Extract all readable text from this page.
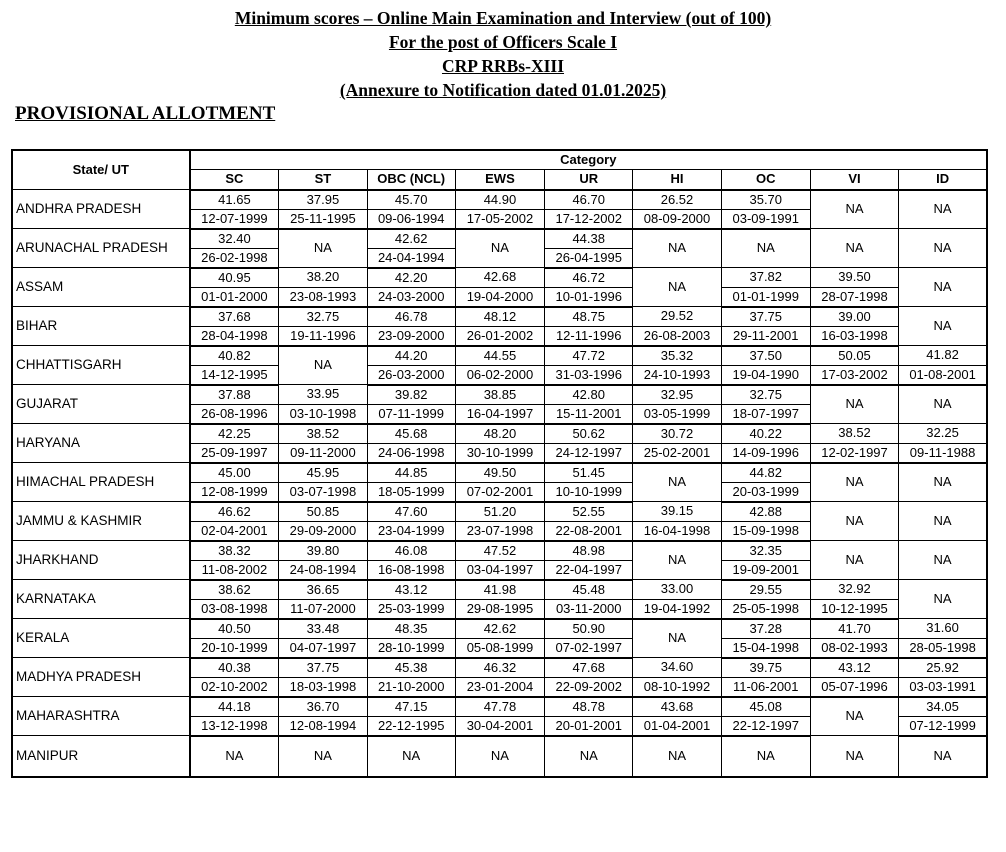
Minimum scores – Online Main Examination and Interview (out of 100)
For the post of Officers Scale I
CRP RRBs-XIII
(Annexure to Notification dated 01.01.2025)
PROVISIONAL ALLOTMENT
State/ UT	Category								
	SC	ST	OBC (NCL)	EWS	UR	HI	OC	VI	ID
ANDHRA PRADESH	41.65	37.95	45.70	44.90	46.70	26.52	35.70	NA	NA
	12-07-1999	25-11-1995	09-06-1994	17-05-2002	17-12-2002	08-09-2000	03-09-1991		
ARUNACHAL PRADESH	32.40	NA	42.62	NA	44.38	NA	NA	NA	NA
	26-02-1998		24-04-1994		26-04-1995				
ASSAM	40.95	38.20	42.20	42.68	46.72	NA	37.82	39.50	NA
	01-01-2000	23-08-1993	24-03-2000	19-04-2000	10-01-1996		01-01-1999	28-07-1998	
BIHAR	37.68	32.75	46.78	48.12	48.75	29.52	37.75	39.00	NA
	28-04-1998	19-11-1996	23-09-2000	26-01-2002	12-11-1996	26-08-2003	29-11-2001	16-03-1998	
CHHATTISGARH	40.82	NA	44.20	44.55	47.72	35.32	37.50	50.05	41.82
	14-12-1995		26-03-2000	06-02-2000	31-03-1996	24-10-1993	19-04-1990	17-03-2002	01-08-2001
GUJARAT	37.88	33.95	39.82	38.85	42.80	32.95	32.75	NA	NA
	26-08-1996	03-10-1998	07-11-1999	16-04-1997	15-11-2001	03-05-1999	18-07-1997		
HARYANA	42.25	38.52	45.68	48.20	50.62	30.72	40.22	38.52	32.25
	25-09-1997	09-11-2000	24-06-1998	30-10-1999	24-12-1997	25-02-2001	14-09-1996	12-02-1997	09-11-1988
HIMACHAL PRADESH	45.00	45.95	44.85	49.50	51.45	NA	44.82	NA	NA
	12-08-1999	03-07-1998	18-05-1999	07-02-2001	10-10-1999		20-03-1999		
JAMMU & KASHMIR	46.62	50.85	47.60	51.20	52.55	39.15	42.88	NA	NA
	02-04-2001	29-09-2000	23-04-1999	23-07-1998	22-08-2001	16-04-1998	15-09-1998		
JHARKHAND	38.32	39.80	46.08	47.52	48.98	NA	32.35	NA	NA
	11-08-2002	24-08-1994	16-08-1998	03-04-1997	22-04-1997		19-09-2001		
KARNATAKA	38.62	36.65	43.12	41.98	45.48	33.00	29.55	32.92	NA
	03-08-1998	11-07-2000	25-03-1999	29-08-1995	03-11-2000	19-04-1992	25-05-1998	10-12-1995	
KERALA	40.50	33.48	48.35	42.62	50.90	NA	37.28	41.70	31.60
	20-10-1999	04-07-1997	28-10-1999	05-08-1999	07-02-1997		15-04-1998	08-02-1993	28-05-1998
MADHYA PRADESH	40.38	37.75	45.38	46.32	47.68	34.60	39.75	43.12	25.92
	02-10-2002	18-03-1998	21-10-2000	23-01-2004	22-09-2002	08-10-1992	11-06-2001	05-07-1996	03-03-1991
MAHARASHTRA	44.18	36.70	47.15	47.78	48.78	43.68	45.08	NA	34.05
	13-12-1998	12-08-1994	22-12-1995	30-04-2001	20-01-2001	01-04-2001	22-12-1997		07-12-1999
MANIPUR	NA	NA	NA	NA	NA	NA	NA	NA	NA
